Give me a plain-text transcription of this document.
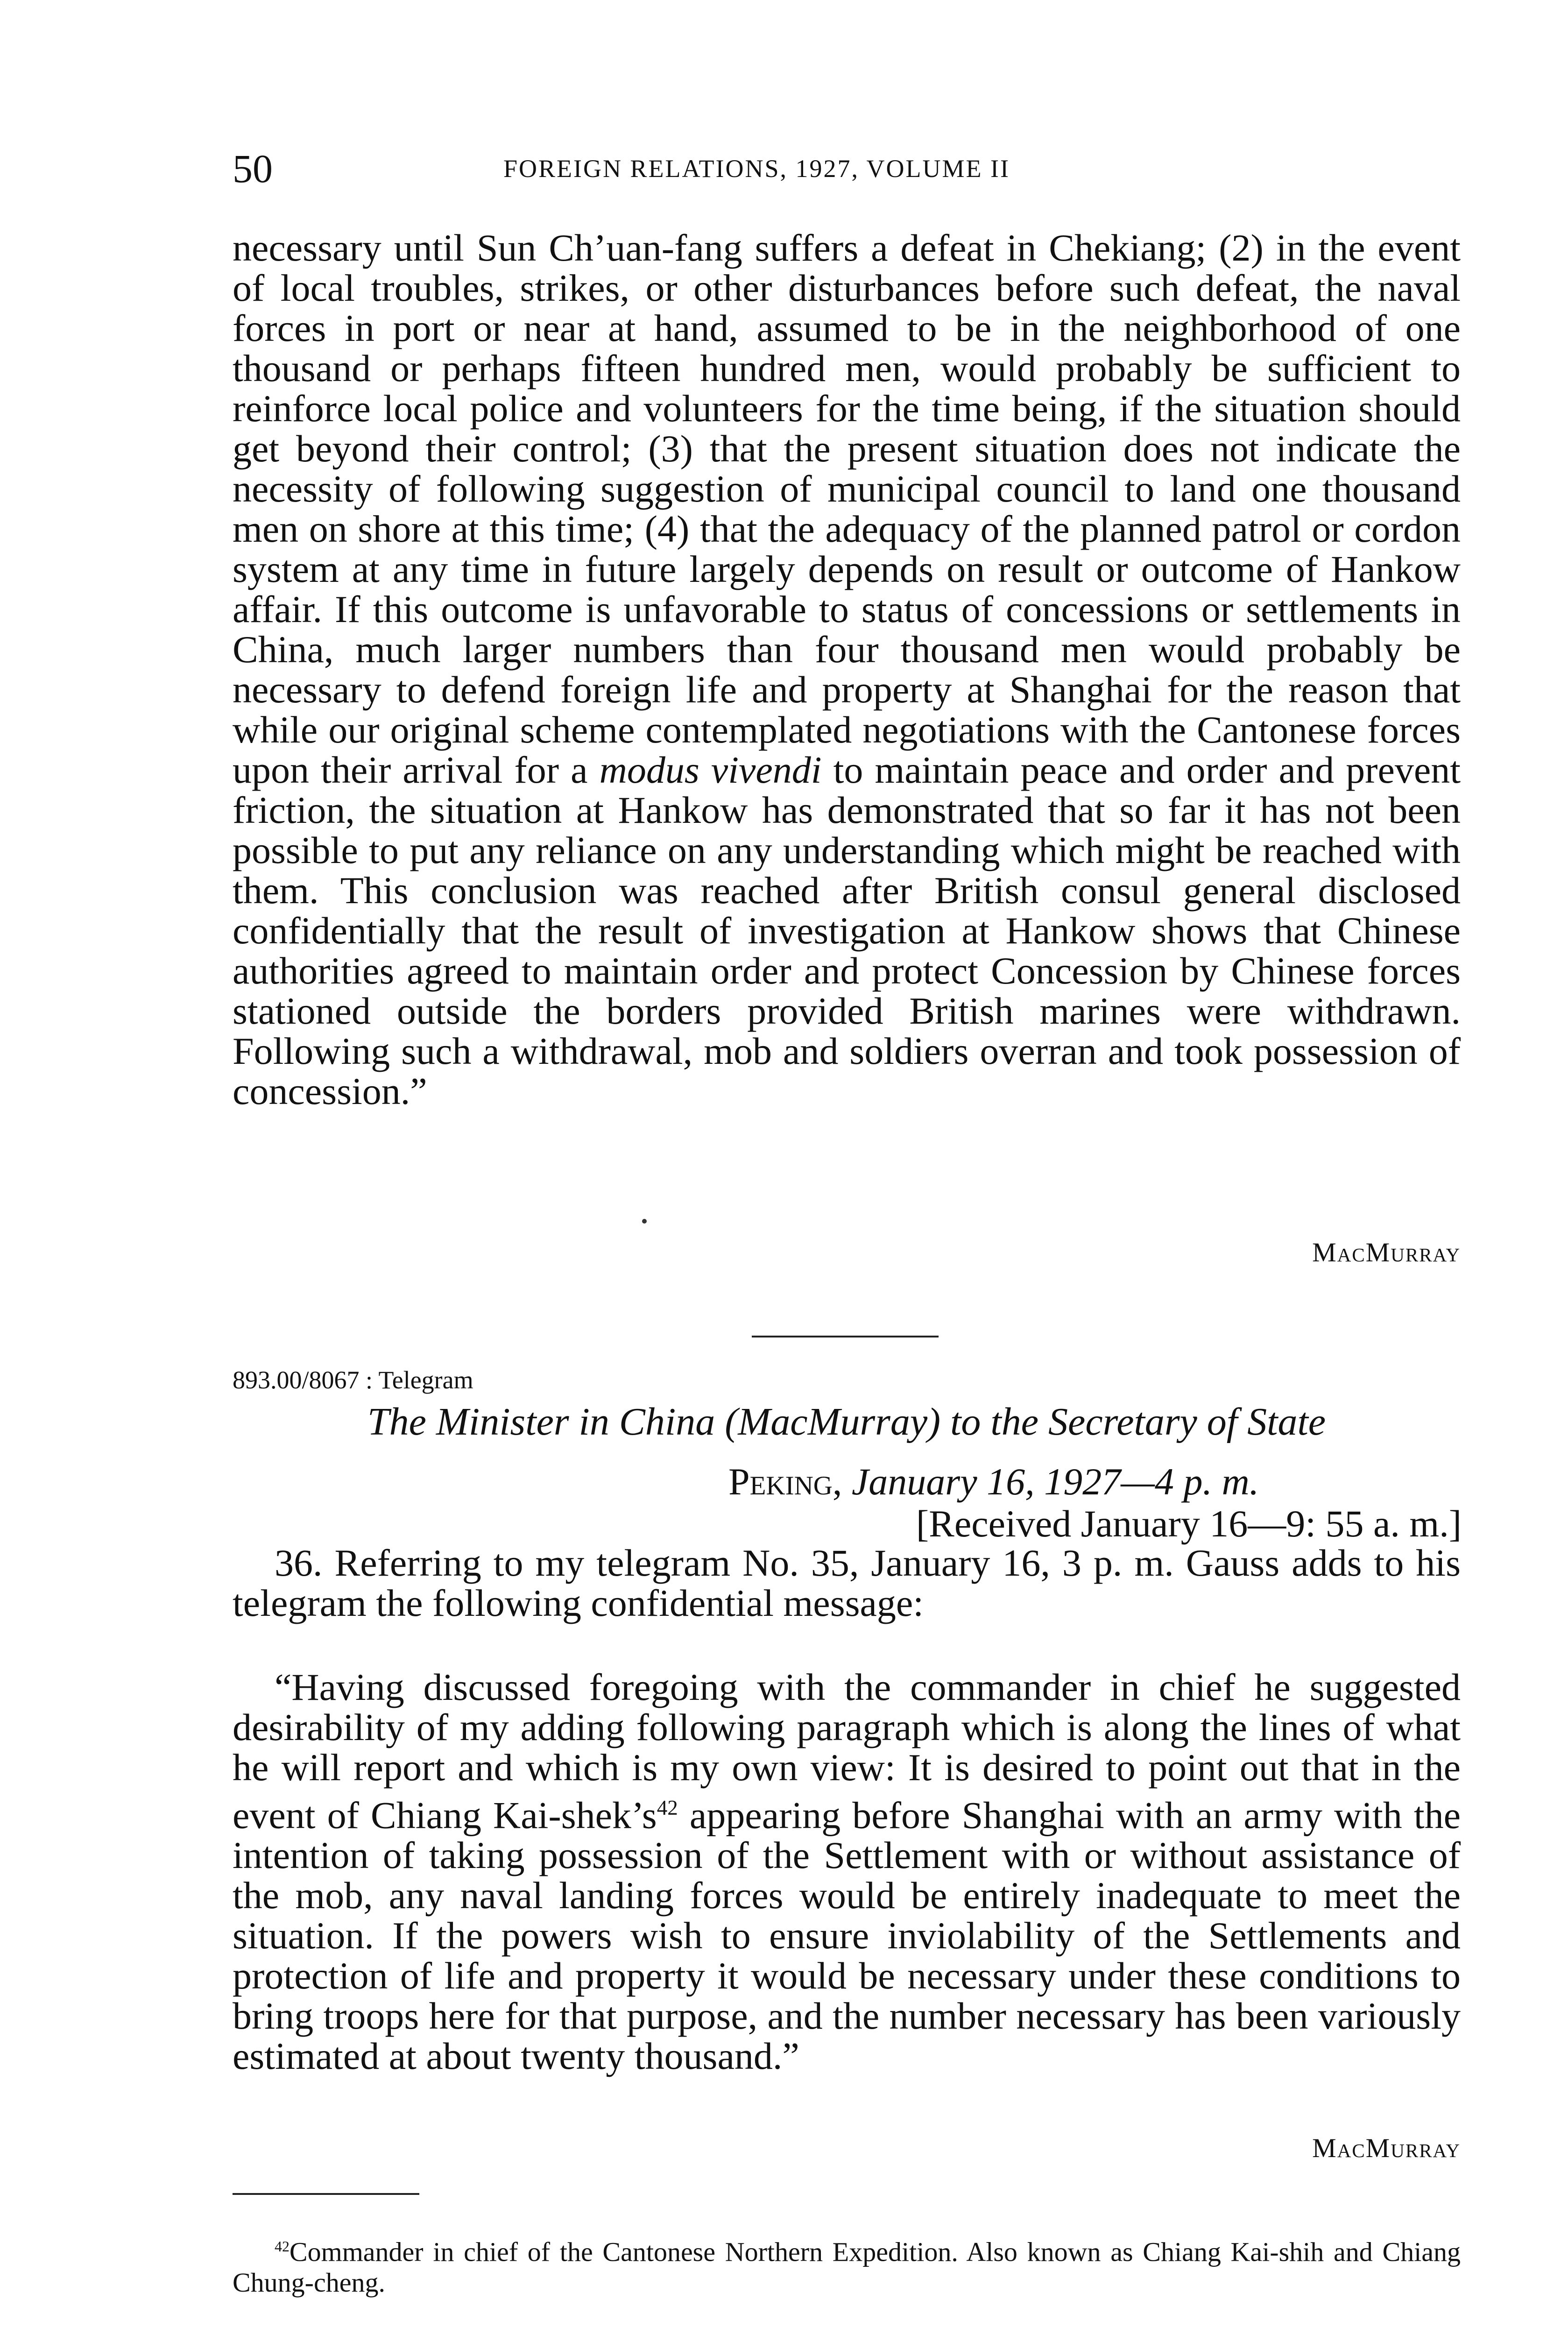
50	FOREIGN RELATIONS, 1927, VOLUME II

necessary until Sun Ch’uan-fang suffers a defeat in Chekiang; (2) in the event of local troubles, strikes, or other disturbances before such defeat, the naval forces in port or near at hand, assumed to be in the neighborhood of one thousand or perhaps fifteen hundred men, would probably be sufficient to reinforce local police and volunteers for the time being, if the situation should get beyond their control; (3) that the present situation does not indicate the necessity of following suggestion of municipal council to land one thousand men on shore at this time; (4) that the adequacy of the planned patrol or cordon system at any time in future largely depends on result or outcome of Hankow affair. If this outcome is unfavorable to status of concessions or settlements in China, much larger numbers than four thousand men would probably be necessary to defend foreign life and property at Shanghai for the reason that while our original scheme contemplated negotiations with the Cantonese forces upon their arrival for a modus vivendi to maintain peace and order and prevent friction, the situation at Hankow has demonstrated that so far it has not been possible to put any reliance on any understanding which might be reached with them. This conclusion was reached after British consul general disclosed confidentially that the result of investigation at Hankow shows that Chinese authorities agreed to maintain order and protect Concession by Chinese forces stationed outside the borders provided British marines were withdrawn. Following such a withdrawal, mob and soldiers overran and took possession of concession.”

MacMurray
893.00/8067 : Telegram
The Minister in China (MacMurray) to the Secretary of State
Peking, January 16, 1927—4 p. m.
[Received January 16—9: 55 a. m.]

36. Referring to my telegram No. 35, January 16, 3 p. m. Gauss adds to his telegram the following confidential message:

“Having discussed foregoing with the commander in chief he suggested desirability of my adding following paragraph which is along the lines of what he will report and which is my own view: It is desired to point out that in the event of Chiang Kai-$shek’s^{42}$ appearing before Shanghai with an army with the intention of taking possession of the Settlement with or without assistance of the mob, any naval landing forces would be entirely inadequate to meet the situation. If the powers wish to ensure inviolability of the Settlements and protection of life and property it would be necessary under these conditions to bring troops here for that purpose, and the number necessary has been variously estimated at about twenty thousand.”

MacMurray

$^{42}$Commander in chief of the Cantonese Northern Expedition. Also known as Chiang Kai-shih and Chiang Chung-cheng.
